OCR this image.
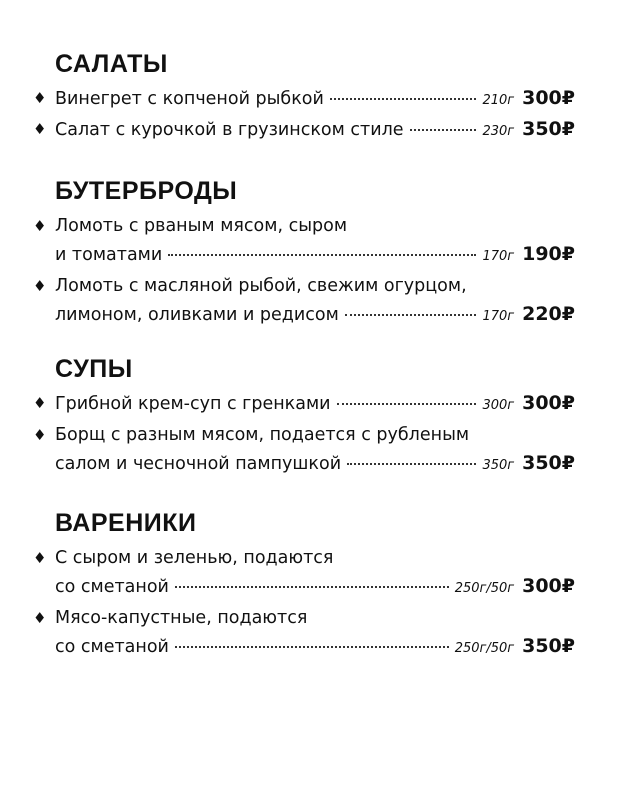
САЛАТЫ
♦ Винегрет с копченой рыбкой	210г 300₽
♦ Салат с курочкой в грузинском стиле	230г 350₽
БУТЕРБРОДЫ
♦ Ломоть с рваным мясом, сыром
и томатами	170г 190₽
♦ Ломоть с масляной рыбой, свежим огурцом,
лимоном, оливками и редисом	170г 220₽
СУПЫ
♦ Грибной крем-суп с гренками	300г 300₽
♦ Борщ с разным мясом, подается с рубленым
салом и чесночной пампушкой	350г 350₽
ВАРЕНИКИ
♦ С сыром и зеленью, подаются
со сметаной	250г/50г 300₽
♦ Мясо-капустные, подаются
со сметаной	250г/50г 350₽
